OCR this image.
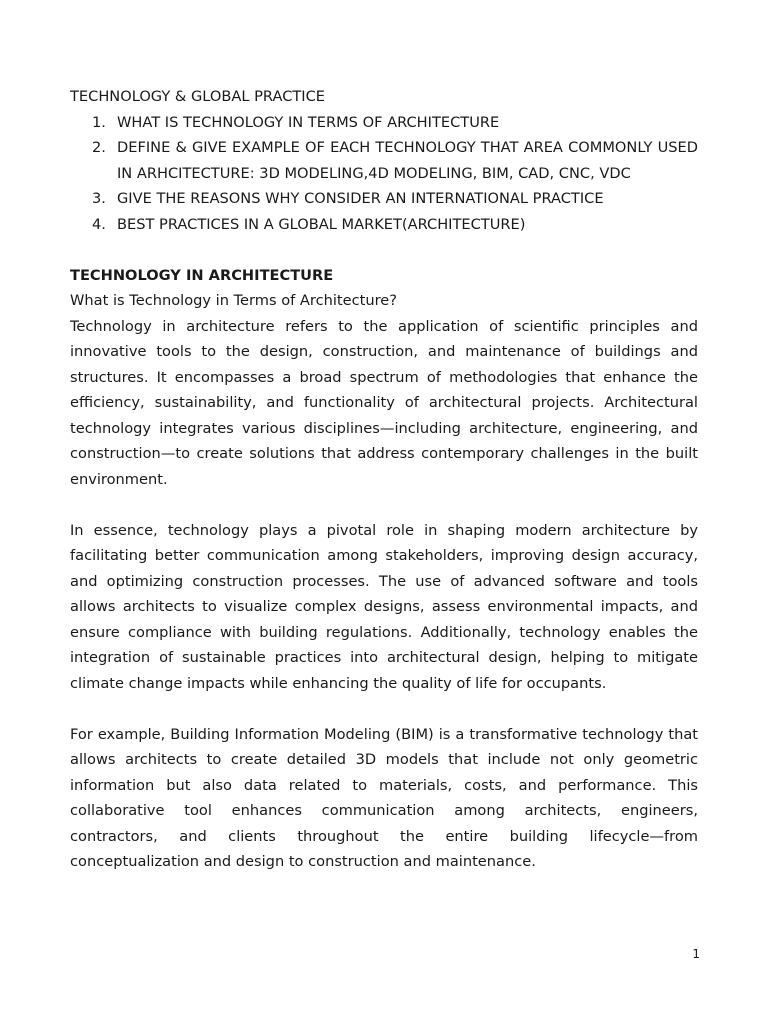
TECHNOLOGY & GLOBAL PRACTICE

1. WHAT IS TECHNOLOGY IN TERMS OF ARCHITECTURE
2. DEFINE & GIVE EXAMPLE OF EACH TECHNOLOGY THAT AREA COMMONLY USED IN ARHCITECTURE: 3D MODELING,4D MODELING, BIM, CAD, CNC, VDC
3. GIVE THE REASONS WHY CONSIDER AN INTERNATIONAL PRACTICE
4. BEST PRACTICES IN A GLOBAL MARKET(ARCHITECTURE)
TECHNOLOGY IN ARCHITECTURE

What is Technology in Terms of Architecture?

Technology in architecture refers to the application of scientific principles and innovative tools to the design, construction, and maintenance of buildings and structures. It encompasses a broad spectrum of methodologies that enhance the efficiency, sustainability, and functionality of architectural projects. Architectural technology integrates various disciplines—including architecture, engineering, and construction—to create solutions that address contemporary challenges in the built environment.

In essence, technology plays a pivotal role in shaping modern architecture by facilitating better communication among stakeholders, improving design accuracy, and optimizing construction processes. The use of advanced software and tools allows architects to visualize complex designs, assess environmental impacts, and ensure compliance with building regulations. Additionally, technology enables the integration of sustainable practices into architectural design, helping to mitigate climate change impacts while enhancing the quality of life for occupants.

For example, Building Information Modeling (BIM) is a transformative technology that allows architects to create detailed 3D models that include not only geometric information but also data related to materials, costs, and performance. This collaborative tool enhances communication among architects, engineers, contractors, and clients throughout the entire building lifecycle—from conceptualization and design to construction and maintenance.

1
